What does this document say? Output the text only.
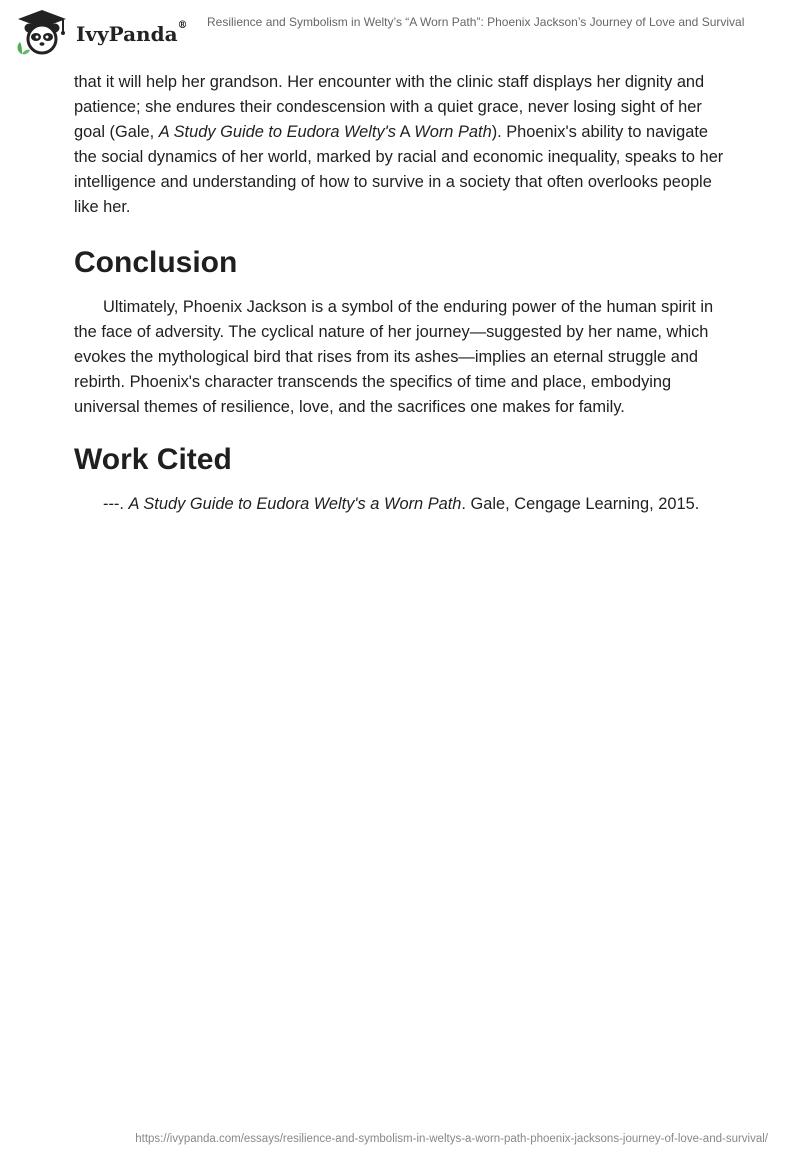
IvyPanda® Resilience and Symbolism in Welty’s “A Worn Path”: Phoenix Jackson’s Journey of Love and Survival

that it will help her grandson. Her encounter with the clinic staff displays her dignity and patience; she endures their condescension with a quiet grace, never losing sight of her goal (Gale, A Study Guide to Eudora Welty's A Worn Path). Phoenix's ability to navigate the social dynamics of her world, marked by racial and economic inequality, speaks to her intelligence and understanding of how to survive in a society that often overlooks people like her.

Conclusion

Ultimately, Phoenix Jackson is a symbol of the enduring power of the human spirit in the face of adversity. The cyclical nature of her journey—suggested by her name, which evokes the mythological bird that rises from its ashes—implies an eternal struggle and rebirth. Phoenix's character transcends the specifics of time and place, embodying universal themes of resilience, love, and the sacrifices one makes for family.

Work Cited

---. A Study Guide to Eudora Welty's a Worn Path. Gale, Cengage Learning, 2015.

https://ivypanda.com/essays/resilience-and-symbolism-in-weltys-a-worn-path-phoenix-jacksons-journey-of-love-and-survival/
